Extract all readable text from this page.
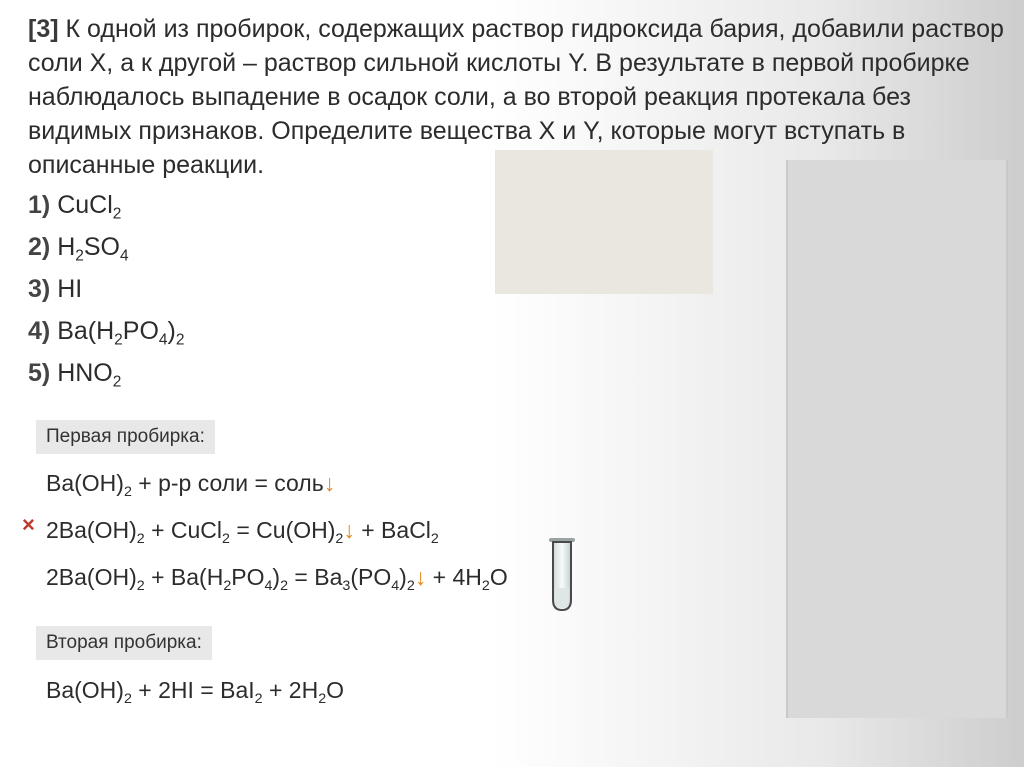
[3] К одной из пробирок, содержащих раствор гидроксида бария, добавили раствор соли X, а к другой – раствор сильной кислоты Y. В результате в первой пробирке наблюдалось выпадение в осадок соли, а во второй реакция протекала без видимых признаков. Определите вещества X и Y, которые могут вступать в описанные реакции.

1) CuCl$_2$
2) $H_2SO_4$
3) HI
4) $Ba(H_2PO_4)_2$
5) $HNO_2$
Первая пробирка:
$Ba(OH)_2 + р-р$ соли = соль↓
× $2Ba(OH)_2$ + CuCl$_2$ = $Cu(OH)_2↓$ + BaCl$_2$
$2Ba(OH)_2 + Ba(H_2PO_4)_2$ = $Ba_3(PO_4)_2↓ + 4H_2O$
Вторая пробирка:
$Ba(OH)_2 + 2HI = BaI_2 + 2H_2O$
